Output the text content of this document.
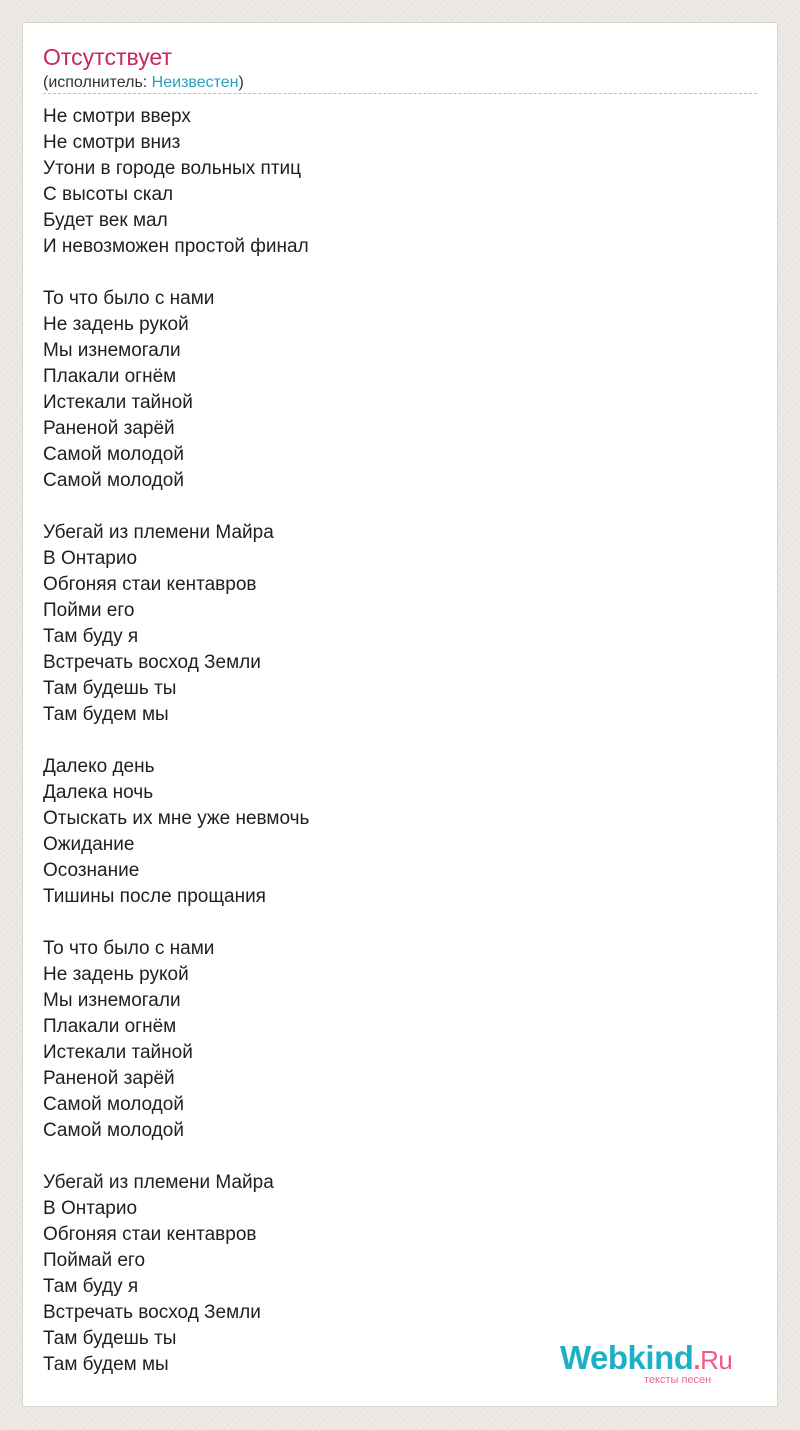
Отсутствует
(исполнитель: Неизвестен)
Не смотри вверх
Не смотри вниз
Утони в городе вольных птиц
С высоты скал
Будет век мал
И невозможен простой финал
То что было с нами
Не задень рукой
Мы изнемогали
Плакали огнём
Истекали тайной
Раненой зарёй
Самой молодой
Самой молодой
Убегай из племени Майра
В Онтарио
Обгоняя стаи кентавров
Пойми его
Там буду я
Встречать восход Земли
Там будешь ты
Там будем мы
Далеко день
Далека ночь
Отыскать их мне уже невмочь
Ожидание
Осознание
Тишины после прощания
То что было с нами
Не задень рукой
Мы изнемогали
Плакали огнём
Истекали тайной
Раненой зарёй
Самой молодой
Самой молодой
Убегай из племени Майра
В Онтарио
Обгоняя стаи кентавров
Поймай его
Там буду я
Встречать восход Земли
Там будешь ты
Там будем мы	Webkind.Ru
тексты песен
